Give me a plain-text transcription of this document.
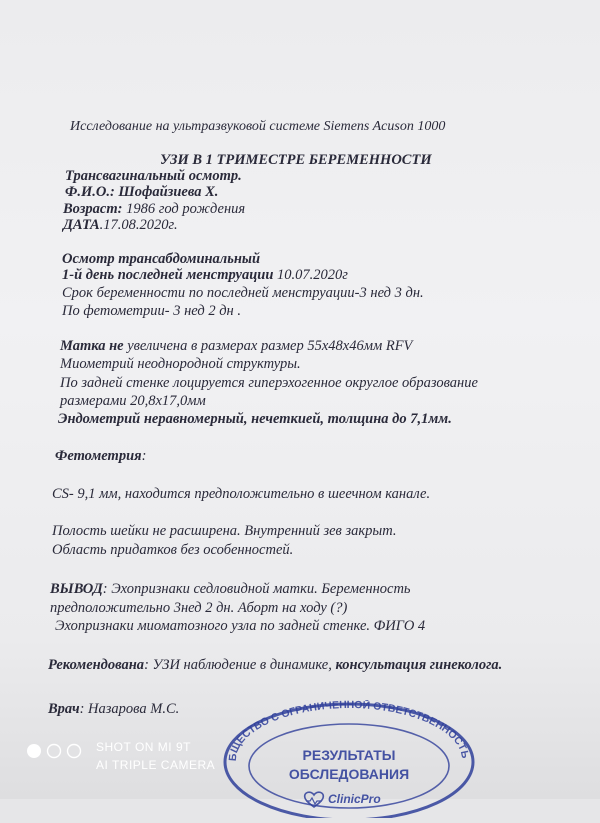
Исследование на ультразвуковой системе Siemens Acuson 1000
УЗИ В 1 ТРИМЕСТРЕ БЕРЕМЕННОСТИ
Трансвагинальный осмотр.
Ф.И.О.: Шофайзиева Х.
Возраст: 1986 год рождения
ДАТА.17.08.2020г.
Осмотр трансабдоминальный
1-й день последней менструации 10.07.2020г
Срок беременности по последней менструации-3 нед 3 дн.
По фетометрии- 3 нед 2 дн .
Матка не увеличена в размерах размер 55х48х46мм RFV
Миометрий неоднородной структуры.
По задней стенке лоцируется гиперэхогенное округлое образование
размерами 20,8х17,0мм
Эндометрий неравномерный, нечеткией, толщина до 7,1мм.
Фетометрия:
CS- 9,1 мм, находится предположительно в шеечном канале.
Полость шейки не расширена. Внутренний зев закрыт.
Область придатков без особенностей.
ВЫВОД: Эхопризнаки седловидной матки. Беременность
предположительно 3нед 2 дн. Аборт на ходу (?)
Эхопризнаки миоматозного узла по задней стенке. ФИГО 4
Рекомендована: УЗИ наблюдение в динамике, консультация гинеколога.
Врач: Назарова М.С.
БЩЕСТВО С ОГРАНИЧЕННОЙ ОТВЕТСТВЕННОСТЬ
РЕЗУЛЬТАТЫ
ОБСЛЕДОВАНИЯ
ClinicPro
SHOT ON MI 9T
AI TRIPLE CAMERA
